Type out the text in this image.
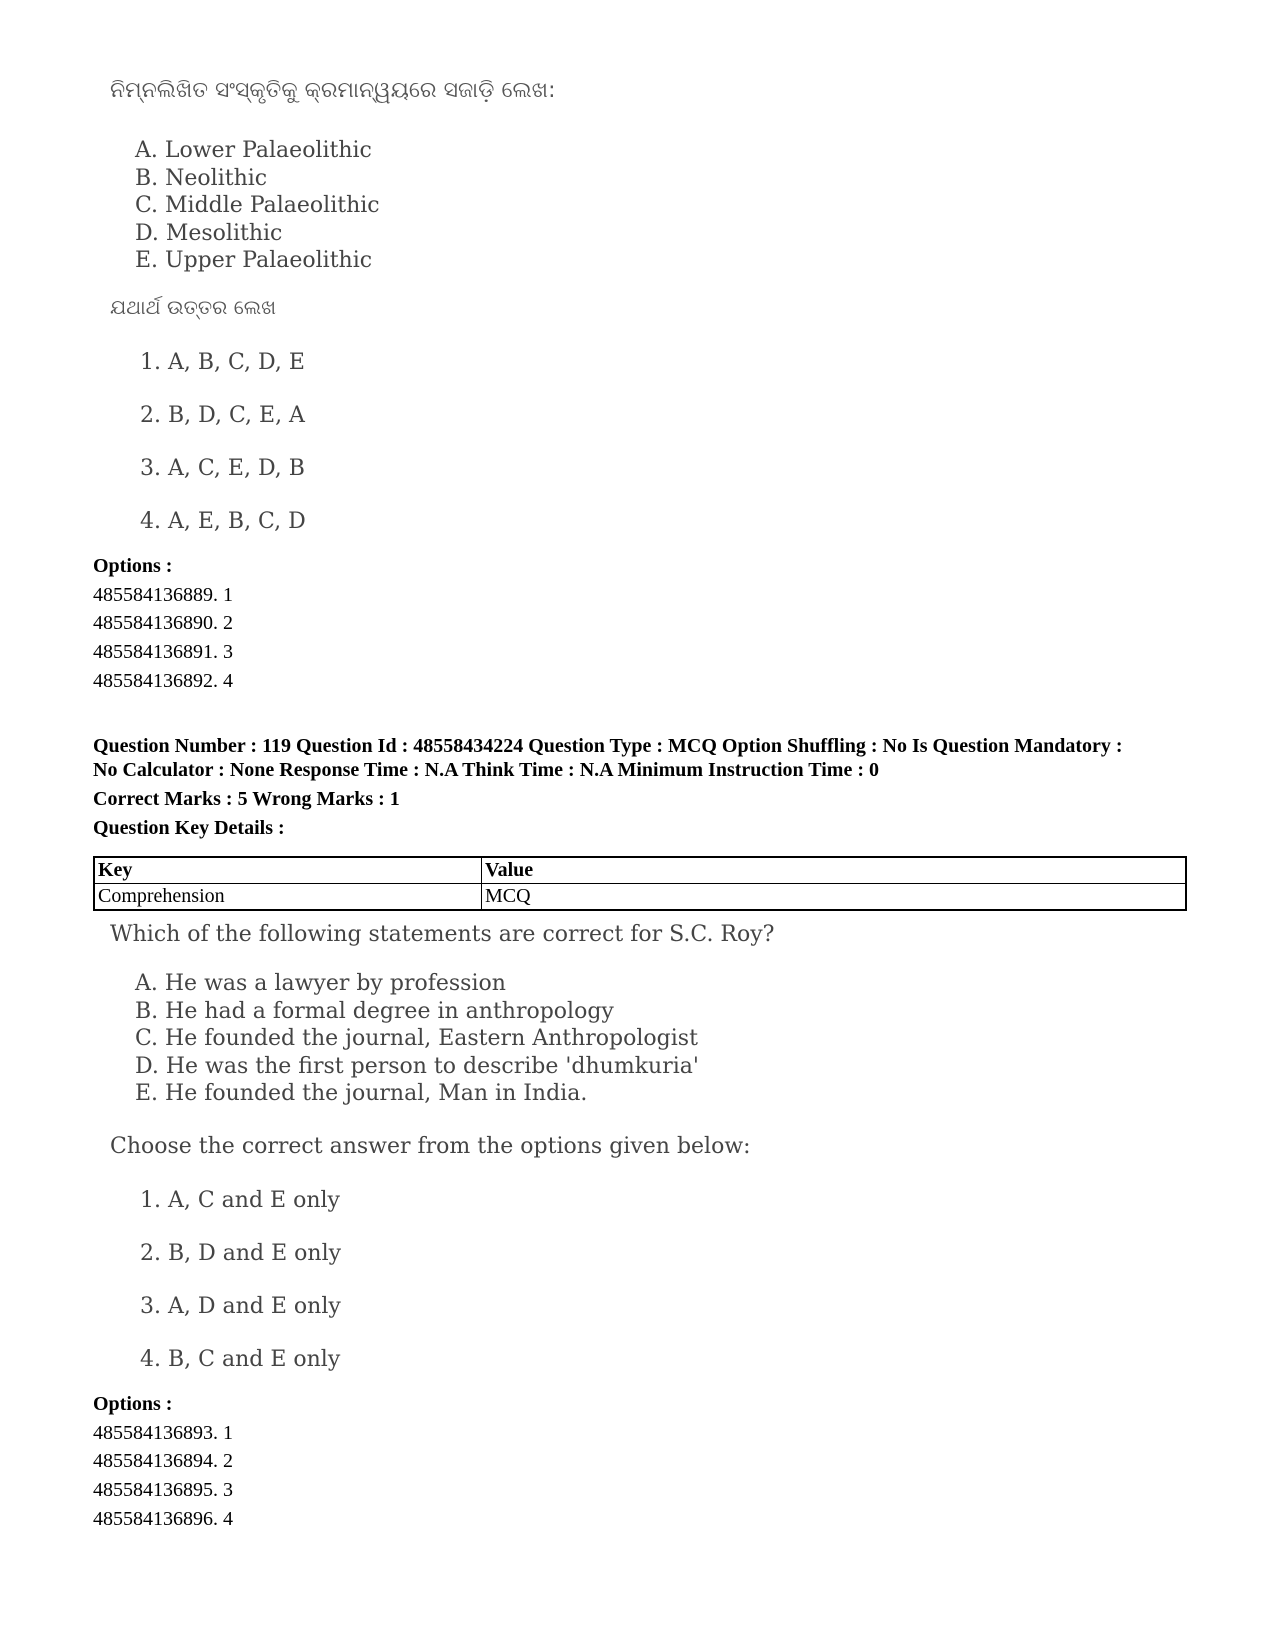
ନିମ୍ନଲିଖିତ ସଂସ୍କୃତିକୁ କ୍ରମାନ୍ୱୟରେ ସଜାଡ଼ି ଲେଖ:
A. Lower Palaeolithic
B. Neolithic
C. Middle Palaeolithic
D. Mesolithic
E. Upper Palaeolithic
ଯଥାର୍ଥ ଉତ୍ତର ଲେଖ
1. A, B, C, D, E
2. B, D, C, E, A
3. A, C, E, D, B
4. A, E, B, C, D
Options :
485584136889. 1
485584136890. 2
485584136891. 3
485584136892. 4
Question Number : 119 Question Id : 48558434224 Question Type : MCQ Option Shuffling : No Is Question Mandatory :
No Calculator : None Response Time : N.A Think Time : N.A Minimum Instruction Time : 0
Correct Marks : 5 Wrong Marks : 1
Question Key Details :
Key	Value
Comprehension	MCQ
Which of the following statements are correct for S.C. Roy?
A. He was a lawyer by profession
B. He had a formal degree in anthropology
C. He founded the journal, Eastern Anthropologist
D. He was the first person to describe 'dhumkuria'
E. He founded the journal, Man in India.
Choose the correct answer from the options given below:
1. A, C and E only
2. B, D and E only
3. A, D and E only
4. B, C and E only
Options :
485584136893. 1
485584136894. 2
485584136895. 3
485584136896. 4
